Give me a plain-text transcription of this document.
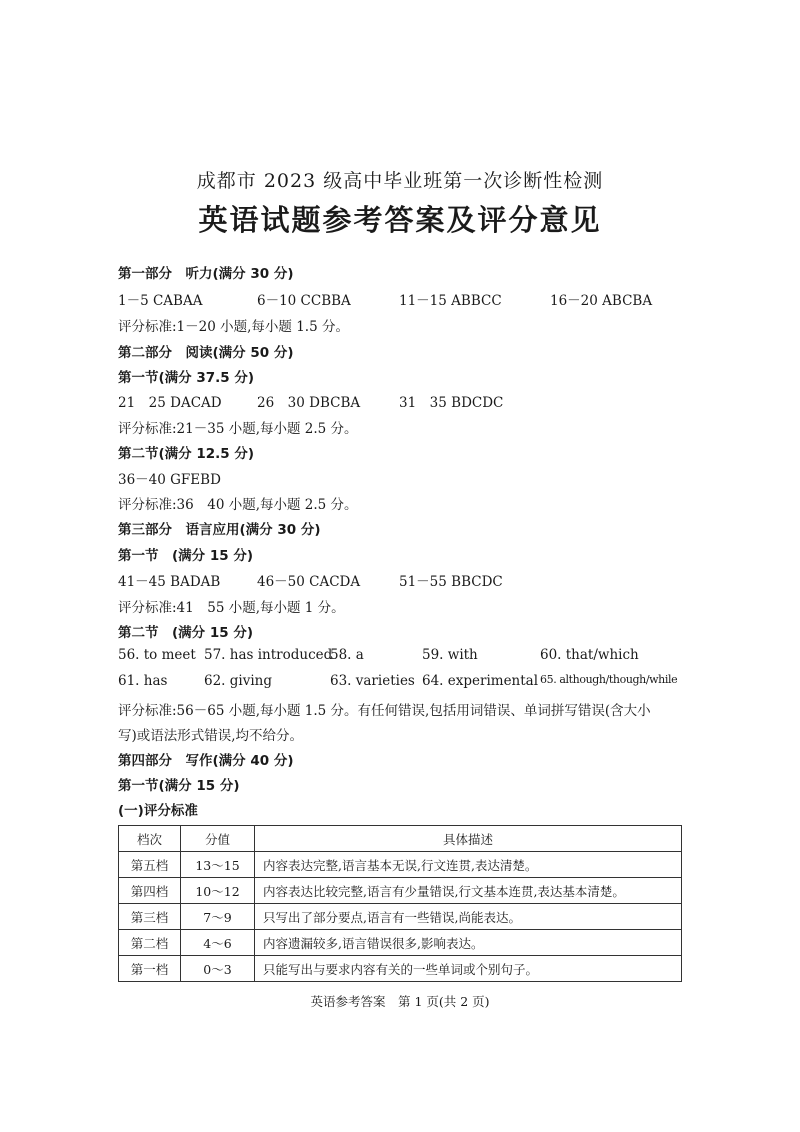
成都市 2023 级高中毕业班第一次诊断性检测
英语试题参考答案及评分意见
第一部分　听力(满分 30 分)
1－5 CABAA	6－10 CCBBA	11－15 ABBCC	16－20 ABCBA
评分标准:1－20 小题,每小题 1.5 分。
第二部分　阅读(满分 50 分)
第一节(满分 37.5 分)
21　25 DACAD	26　30 DBCBA	31　35 BDCDC
评分标准:21－35 小题,每小题 2.5 分。
第二节(满分 12.5 分)
36－40 GFEBD
评分标准:36　40 小题,每小题 2.5 分。
第三部分　语言应用(满分 30 分)
第一节　(满分 15 分)
41－45 BADAB	46－50 CACDA	51－55 BBCDC
评分标准:41　55 小题,每小题 1 分。
第二节　(满分 15 分)
56. to meet 57. has introduced
58. a	59. with	60. that/which
61. has	62. giving	63. varieties 64. experimental 65. although/though/while
评分标准:56－65 小题,每小题 1.5 分。有任何错误,包括用词错误、单词拼写错误(含大小
写)或语法形式错误,均不给分。
第四部分　写作(满分 40 分)
第一节(满分 15 分)
(一)评分标准
档次	分值	具体描述
第五档	13～15	内容表达完整,语言基本无误,行文连贯,表达清楚。
第四档	10～12	内容表达比较完整,语言有少量错误,行文基本连贯,表达基本清楚。
第三档	7～9	只写出了部分要点,语言有一些错误,尚能表达。
第二档	4～6	内容遗漏较多,语言错误很多,影响表达。
第一档	0～3	只能写出与要求内容有关的一些单词或个别句子。
英语参考答案　第 1 页(共 2 页)
